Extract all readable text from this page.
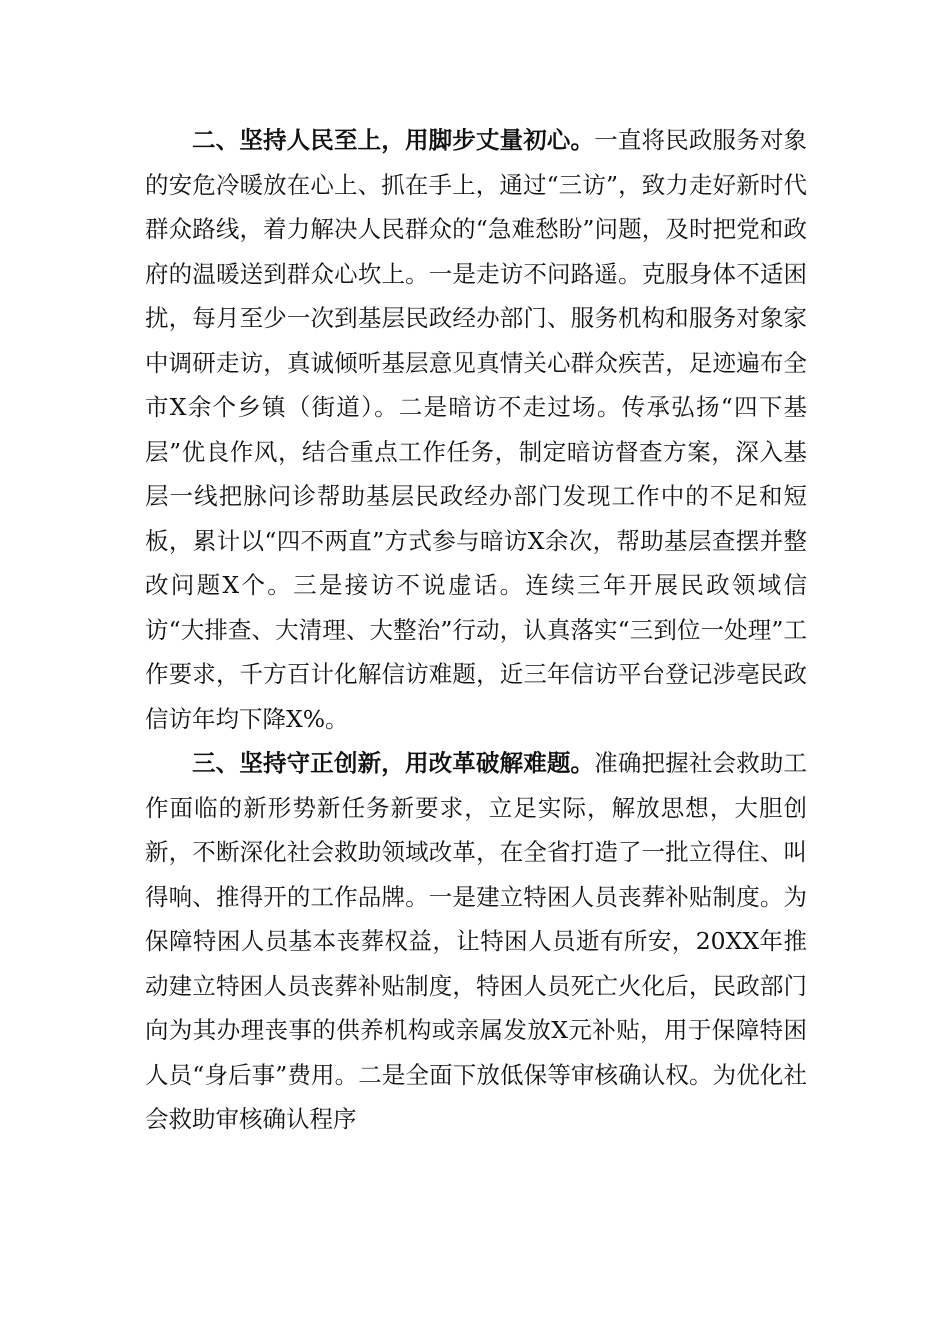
二、坚持人民至上，用脚步丈量初心。一直将民政服务对象的安危冷暖放在心上、抓在手上，通过“三访”，致力走好新时代群众路线，着力解决人民群众的“急难愁盼”问题，及时把党和政府的温暖送到群众心坎上。一是走访不问路遥。克服身体不适困扰，每月至少一次到基层民政经办部门、服务机构和服务对象家中调研走访，真诚倾听基层意见真情关心群众疾苦，足迹遍布全市X余个乡镇（街道）。二是暗访不走过场。传承弘扬“四下基层”优良作风，结合重点工作任务，制定暗访督查方案，深入基层一线把脉问诊帮助基层民政经办部门发现工作中的不足和短板，累计以“四不两直”方式参与暗访X余次，帮助基层查摆并整改问题X个。三是接访不说虚话。连续三年开展民政领域信访“大排查、大清理、大整治”行动，认真落实“三到位一处理”工作要求，千方百计化解信访难题，近三年信访平台登记涉亳民政信访年均下降X%。

三、坚持守正创新，用改革破解难题。准确把握社会救助工作面临的新形势新任务新要求，立足实际，解放思想，大胆创新，不断深化社会救助领域改革，在全省打造了一批立得住、叫得响、推得开的工作品牌。一是建立特困人员丧葬补贴制度。为保障特困人员基本丧葬权益，让特困人员逝有所安，20XX年推动建立特困人员丧葬补贴制度，特困人员死亡火化后，民政部门向为其办理丧事的供养机构或亲属发放X元补贴，用于保障特困人员“身后事”费用。二是全面下放低保等审核确认权。为优化社会救助审核确认程序
